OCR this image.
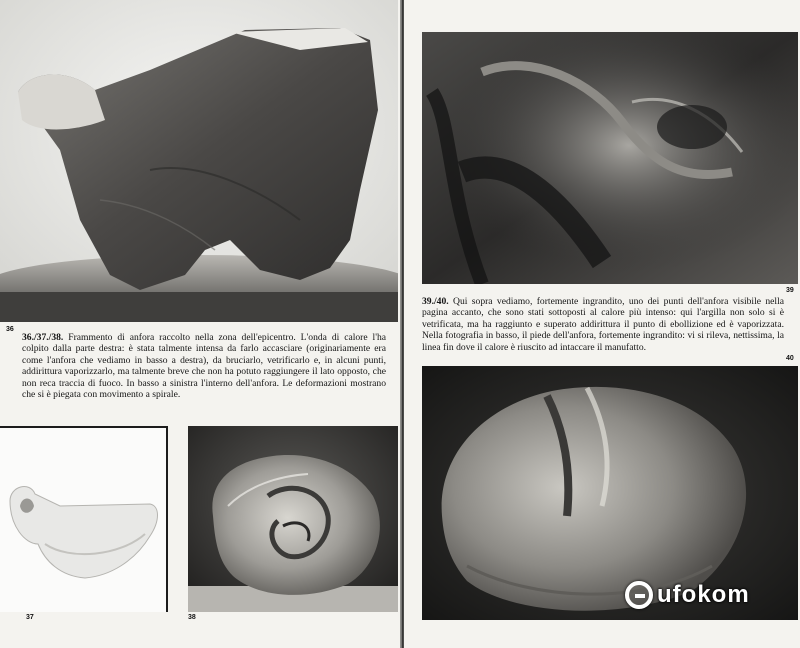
36
36./37./38. Frammento di anfora raccolto nella zona dell'epicentro. L'onda di calore l'ha colpito dalla parte destra: è stata talmente intensa da farlo accasciare (originariamente era come l'anfora che vediamo in basso a destra), da bruciarlo, vetrificarlo e, in alcuni punti, addirittura vaporizzarlo, ma talmente breve che non ha potuto raggiungere il lato opposto, che non reca traccia di fuoco. In basso a sinistra l'interno dell'anfora. Le deformazioni mostrano che si è piegata con movimento a spirale.
37	38
39
39./40. Qui sopra vediamo, fortemente ingrandito, uno dei punti dell'anfora visibile nella pagina accanto, che sono stati sottoposti al calore più intenso: qui l'argilla non solo si è vetrificata, ma ha raggiunto e superato addirittura il punto di ebollizione ed è vaporizzata. Nella fotografia in basso, il piede dell'anfora, fortemente ingrandito: vi si rileva, nettissima, la linea fin dove il calore è riuscito ad intaccare il manufatto.
40
ufokom
